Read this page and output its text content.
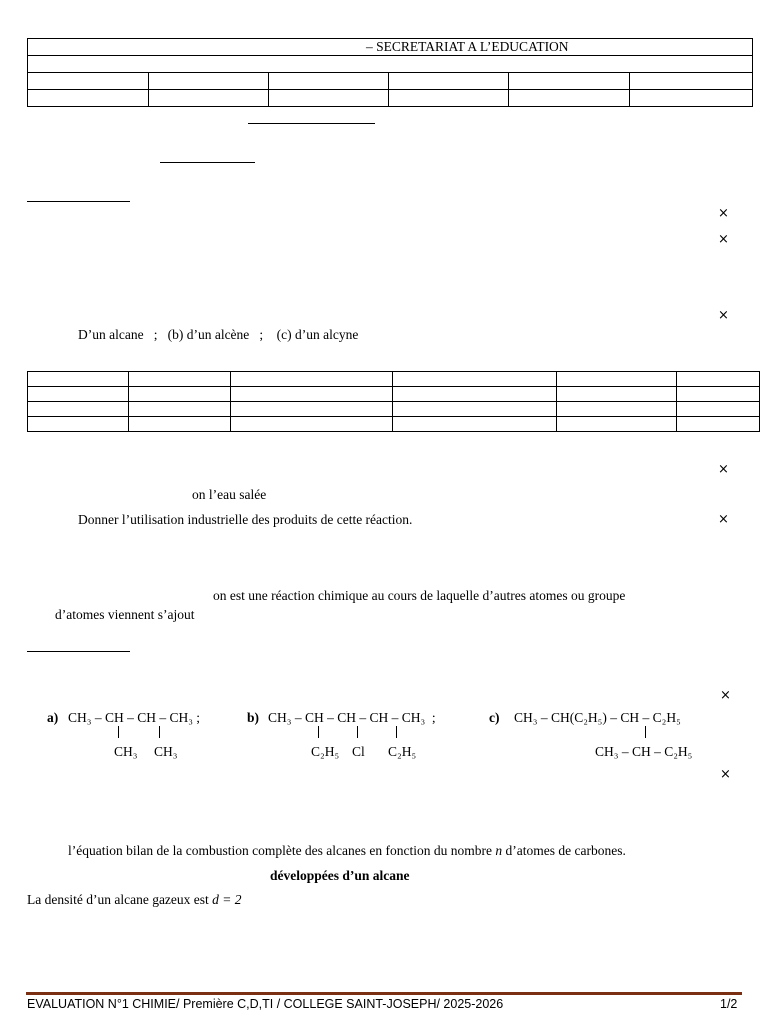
– SECRETARIAT A L’EDUCATION					

×
×
×
D’un alcane   ;   (b) d’un alcène   ;    (c) d’un alcyne

×
on l’eau salée
Donner l’utilisation industrielle des produits de cette réaction.	×
on est une réaction chimique au cours de laquelle d’autres atomes ou groupe
d’atomes viennent s’ajout
×
a) CH₃ – CH – CH – CH₃ ;
CH₃ CH₃
b) CH₃ – CH – CH – CH – CH₃  ;
C₂H₅ Cl C₂H₅
c) CH₃ – CH(C₂H₅) – CH – C₂H₅
CH₃ – CH – C₂H₅
×
l’équation bilan de la combustion complète des alcanes en fonction du nombre n d’atomes de carbones.
développées d’un alcane
La densité d’un alcane gazeux est d = 2
EVALUATION N°1 CHIMIE/ Première C,D,TI / COLLEGE SAINT-JOSEPH/ 2025-2026	1/2
